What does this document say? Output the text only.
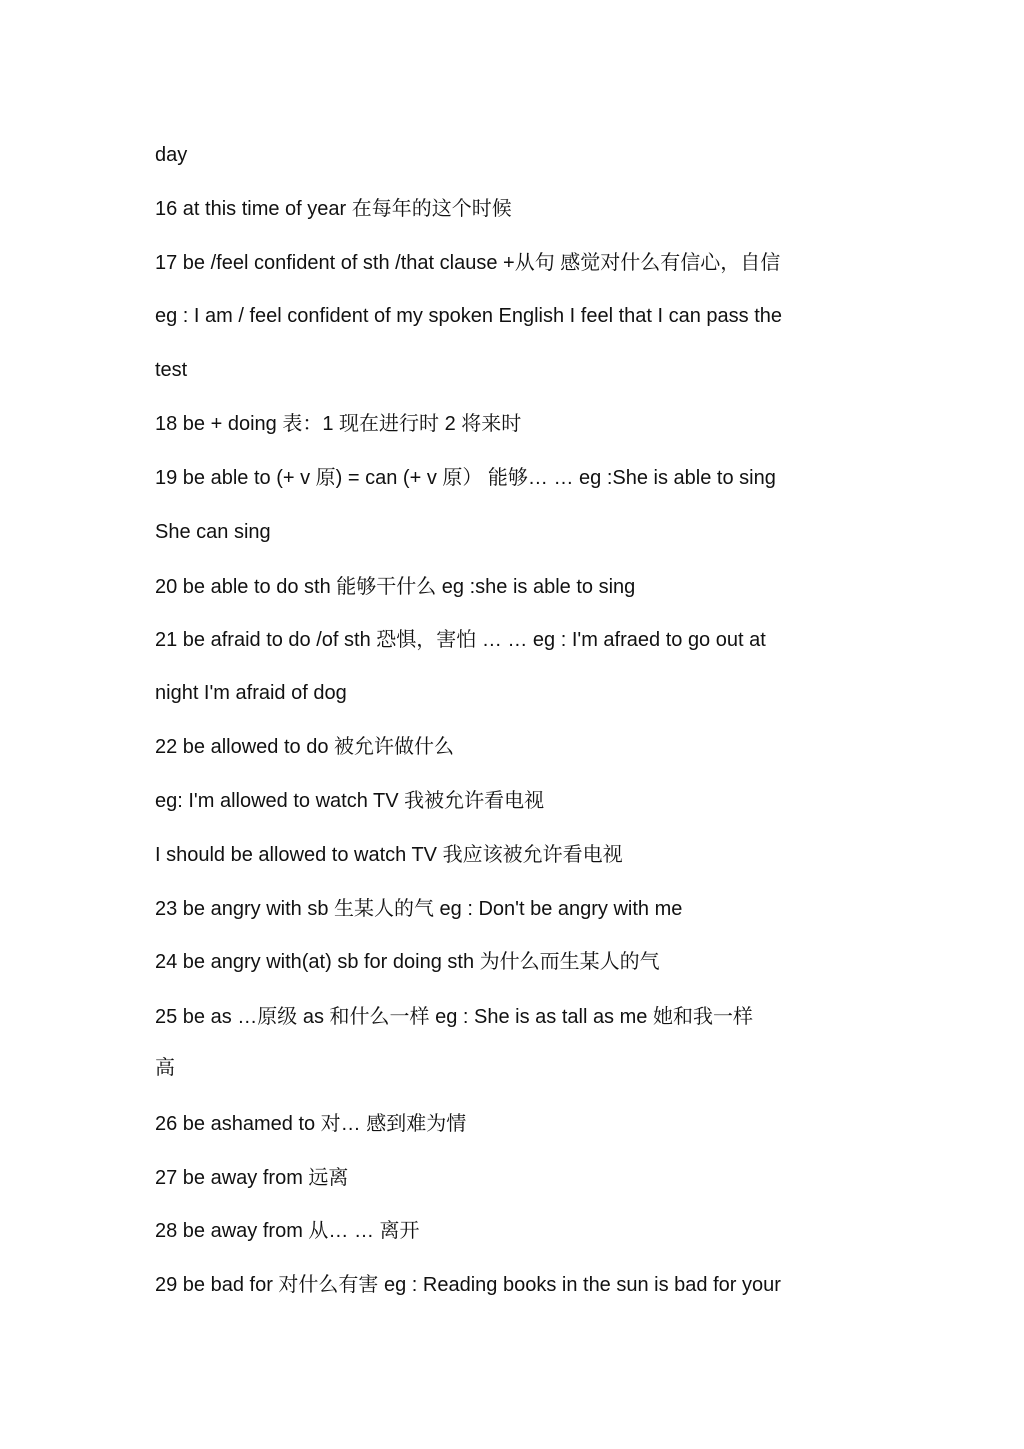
day
16 at this time of year 在每年的这个时候
17 be /feel confident of sth /that clause +从句 感觉对什么有信心，自信
eg : I am / feel confident of my spoken English I feel that I can pass the
test
18 be + doing 表：1 现在进行时 2 将来时
19 be able to (+ v 原) = can (+ v 原） 能够… … eg :She is able to sing
She can sing
20 be able to do sth 能够干什么 eg :she is able to sing
21 be afraid to do /of sth 恐惧，害怕 … … eg : I'm afraed to go out at
night I'm afraid of dog
22 be allowed to do 被允许做什么
eg: I'm allowed to watch TV 我被允许看电视
I should be allowed to watch TV 我应该被允许看电视
23 be angry with sb 生某人的气 eg : Don't be angry with me
24 be angry with(at) sb for doing sth 为什么而生某人的气
25 be as …原级 as 和什么一样 eg : She is as tall as me 她和我一样
高
26 be ashamed to 对… 感到难为情
27 be away from 远离
28 be away from 从… … 离开
29 be bad for 对什么有害 eg : Reading books in the sun is bad for your
